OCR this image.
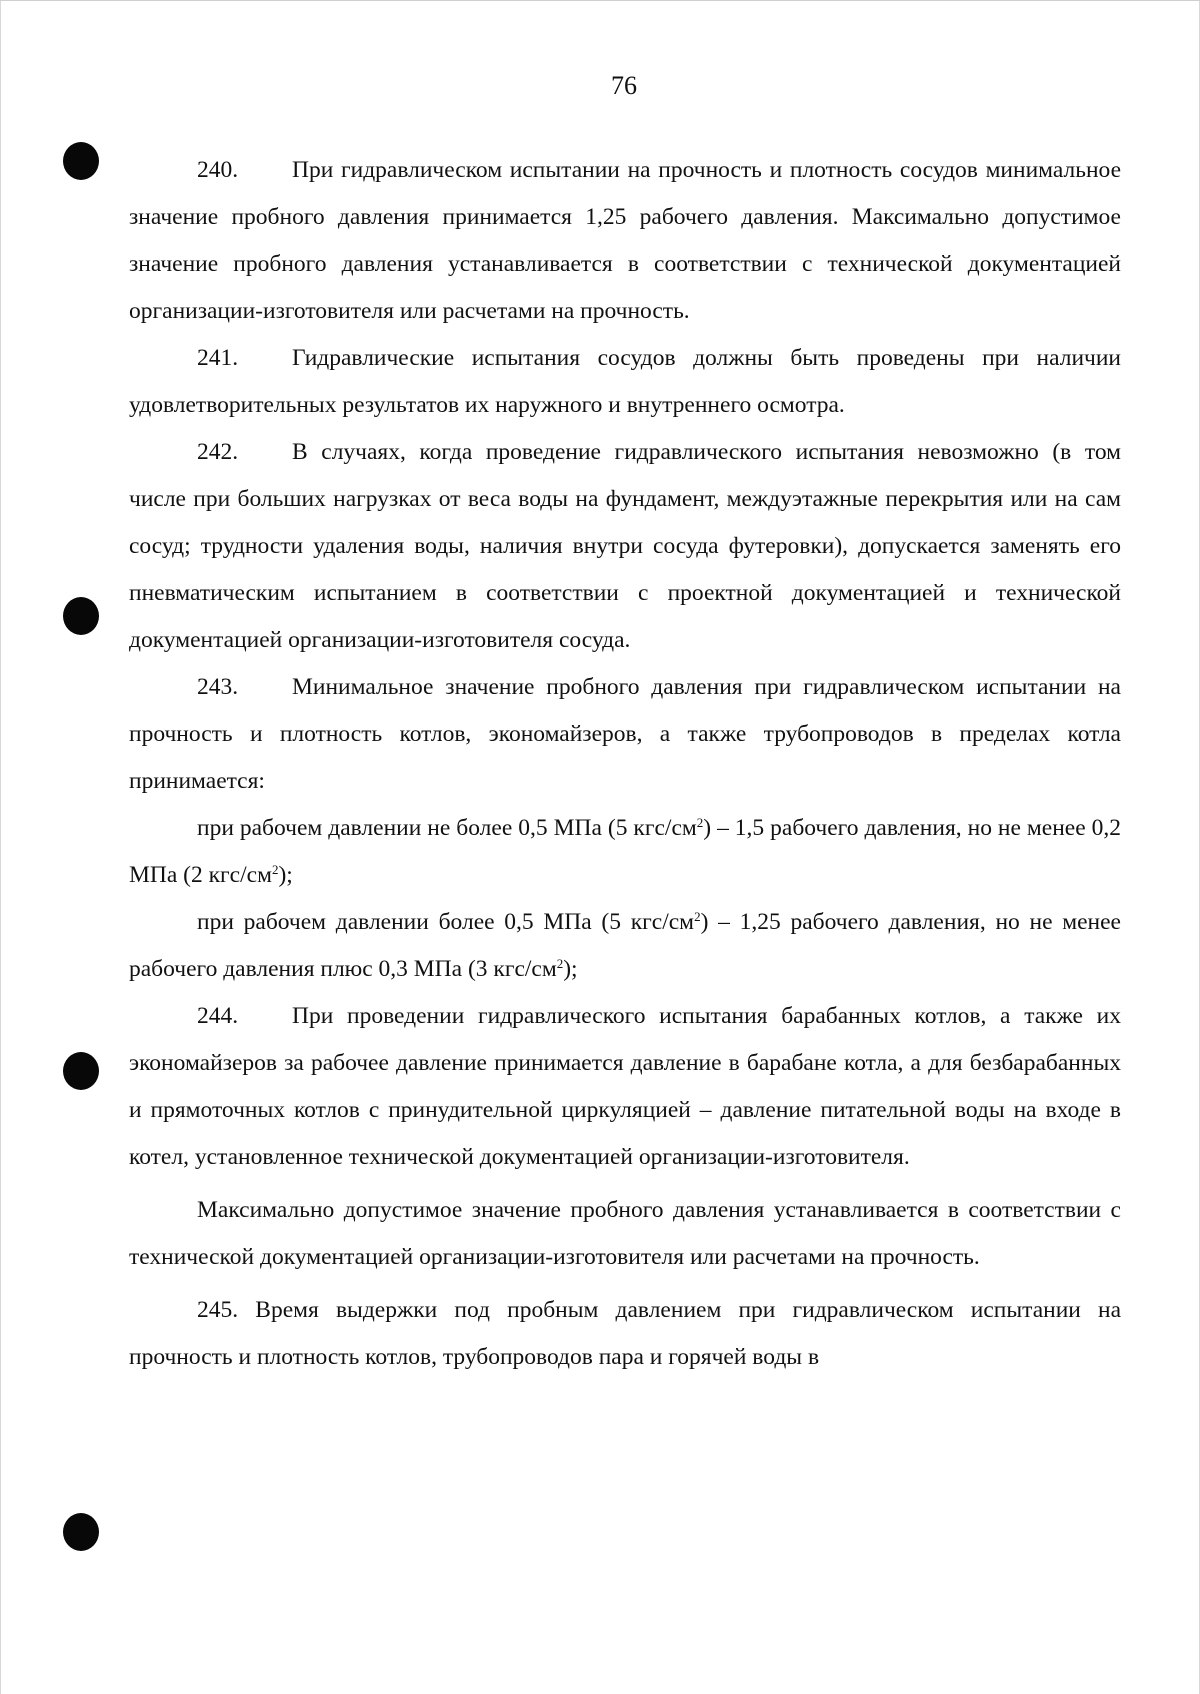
76

240. При гидравлическом испытании на прочность и плотность сосудов минимальное значение пробного давления принимается 1,25 рабочего давления. Максимально допустимое значение пробного давления устанавливается в соответствии с технической документацией организации-изготовителя или расчетами на прочность.

241. Гидравлические испытания сосудов должны быть проведены при наличии удовлетворительных результатов их наружного и внутреннего осмотра.

242. В случаях, когда проведение гидравлического испытания невозможно (в том числе при больших нагрузках от веса воды на фундамент, междуэтажные перекрытия или на сам сосуд; трудности удаления воды, наличия внутри сосуда футеровки), допускается заменять его пневматическим испытанием в соответствии с проектной документацией и технической документацией организации-изготовителя сосуда.

243. Минимальное значение пробного давления при гидравлическом испытании на прочность и плотность котлов, экономайзеров, а также трубопроводов в пределах котла принимается:

при рабочем давлении не более 0,5 МПа (5 кгс/$см^2) - 1,5$ рабочего давления, но не менее 0,2 МПа (2 кгс/$см^2$);

при рабочем давлении более 0,5 МПа (5 кгс/$см^2) - 1,25$ рабочего давления, но не менее рабочего давления плюс 0,3 МПа (3 кгс/$см^2$);

244. При проведении гидравлического испытания барабанных котлов, а также их экономайзеров за рабочее давление принимается давление в барабане котла, а для безбарабанных и прямоточных котлов с принудительной циркуляцией – давление питательной воды на входе в котел, установленное технической документацией организации-изготовителя.

Максимально допустимое значение пробного давления устанавливается в соответствии с технической документацией организации-изготовителя или расчетами на прочность.

245. Время выдержки под пробным давлением при гидравлическом испытании на прочность и плотность котлов, трубопроводов пара и горячей воды в
